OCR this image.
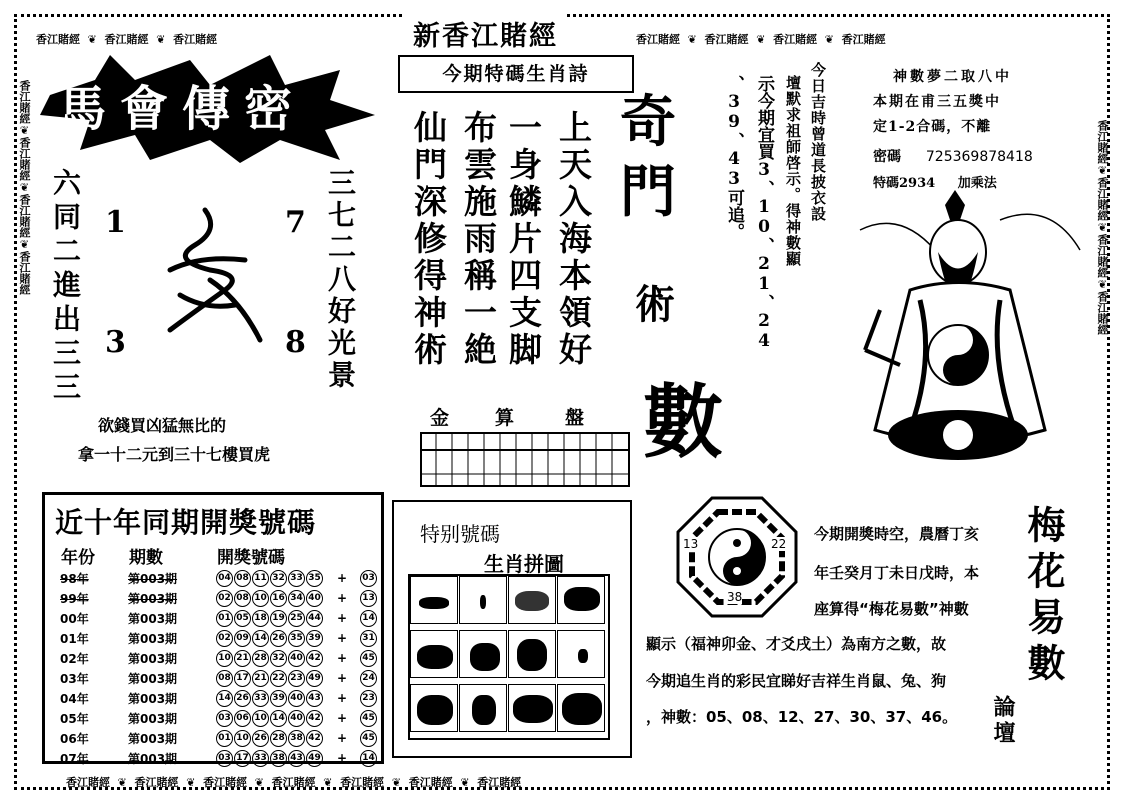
香江賭經  ❦  香江賭經  ❦  香江賭經	香江賭經  ❦  香江賭經  ❦  香江賭經  ❦  香江賭經
香江賭經  ❦  香江賭經  ❦  香江賭經  ❦  香江賭經  ❦  香江賭經  ❦  香江賭經  ❦  香江賭經
香江賭經❦香江賭經❦香江賭經❦香江賭經
香江賭經❦香江賭經❦香江賭經❦香江賭經
新香江賭經
馬會傳密
六同二進出三三 1
3
7
8 三七二八好光景
欲錢買凶猛無比的
拿一十二元到三十七樓買虎
今期特碼生肖詩
上天入海本領好
一身鱗片四支脚
布雲施雨稱一絶
仙門深修得神術	奇
門
術
數
金 算	盤
今日吉時曾道長披衣設
壇默求祖師啓示。得神數顯
示今期宜買3、10、21、24
、39、43可追。	神數夢二取八中
本期在甫三五獎中
定1-2合碼，不離
密碼 725369878418
特碼2934 加乘法
近十年同期開獎號碼
年份	期數	開獎號碼		
98年	第003期	04 08 11 32 33 35	+	03
99年	第003期	02 08 10 16 34 40	+	13
00年	第003期	01 05 18 19 25 44	+	14
01年	第003期	02 09 14 26 35 39	+	31
02年	第003期	10 21 28 32 40 42	+	45
03年	第003期	08 17 21 22 23 49	+	24
04年	第003期	14 26 33 39 40 43	+	23
05年	第003期	03 06 10 14 40 42	+	45
06年	第003期	01 10 26 28 38 42	+	45
07年	第003期	03 17 33 38 43 49	+	14
特别號碼
生肖拼圖
13	22
38
今期開獎時空，農曆丁亥
年壬癸月丁未日戊時，本
座算得“梅花易數”神數
顯示（福神卯金、才爻戌土）為南方之數，故
今期追生肖的彩民宜睇好吉祥生肖鼠、兔、狗
，神數：05、08、12、27、30、37、46。
梅花易數
論壇
